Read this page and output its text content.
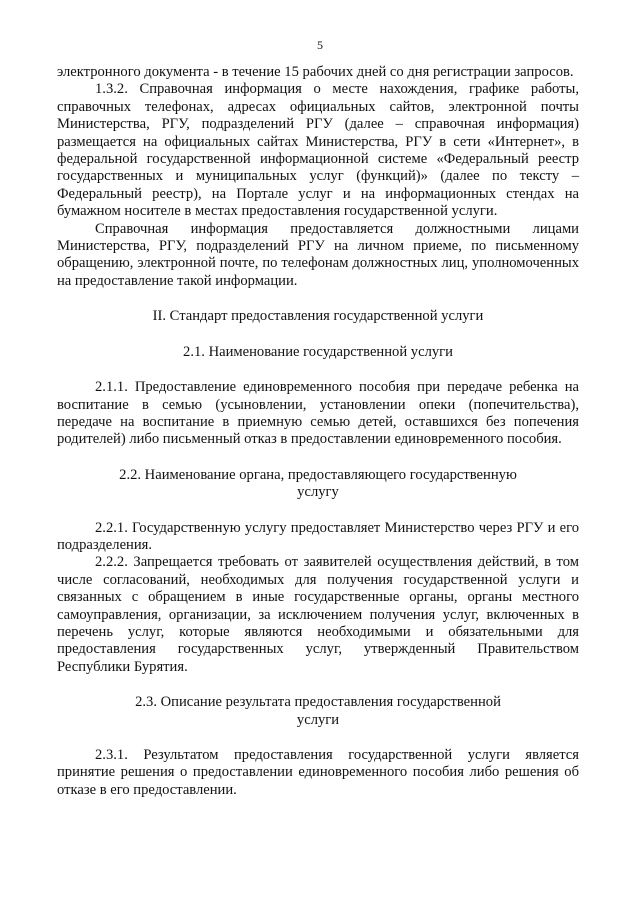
5

электронного документа - в течение 15 рабочих дней со дня регистрации запросов.

1.3.2. Справочная информация о месте нахождения, графике работы, справочных телефонах, адресах официальных сайтов, электронной почты Министерства, РГУ, подразделений РГУ (далее – справочная информация) размещается на официальных сайтах Министерства, РГУ в сети «Интернет», в федеральной государственной информационной системе «Федеральный реестр государственных и муниципальных услуг (функций)» (далее по тексту – Федеральный реестр), на Портале услуг и на информационных стендах на бумажном носителе в местах предоставления государственной услуги.

Справочная информация предоставляется должностными лицами Министерства, РГУ, подразделений РГУ на личном приеме, по письменному обращению, электронной почте, по телефонам должностных лиц, уполномоченных на предоставление такой информации.

II. Стандарт предоставления государственной услуги
2.1. Наименование государственной услуги

2.1.1. Предоставление единовременного пособия при передаче ребенка на воспитание в семью (усыновлении, установлении опеки (попечительства), передаче на воспитание в приемную семью детей, оставшихся без попечения родителей) либо письменный отказ в предоставлении единовременного пособия.

2.2. Наименование органа, предоставляющего государственную
услугу

2.2.1. Государственную услугу предоставляет Министерство через РГУ и его подразделения.

2.2.2. Запрещается требовать от заявителей осуществления действий, в том числе согласований, необходимых для получения государственной услуги и связанных с обращением в иные государственные органы, органы местного самоуправления, организации, за исключением получения услуг, включенных в перечень услуг, которые являются необходимыми и обязательными для предоставления государственных услуг, утвержденный Правительством Республики Бурятия.

2.3. Описание результата предоставления государственной
услуги

2.3.1. Результатом предоставления государственной услуги является принятие решения о предоставлении единовременного пособия либо решения об отказе в его предоставлении.
